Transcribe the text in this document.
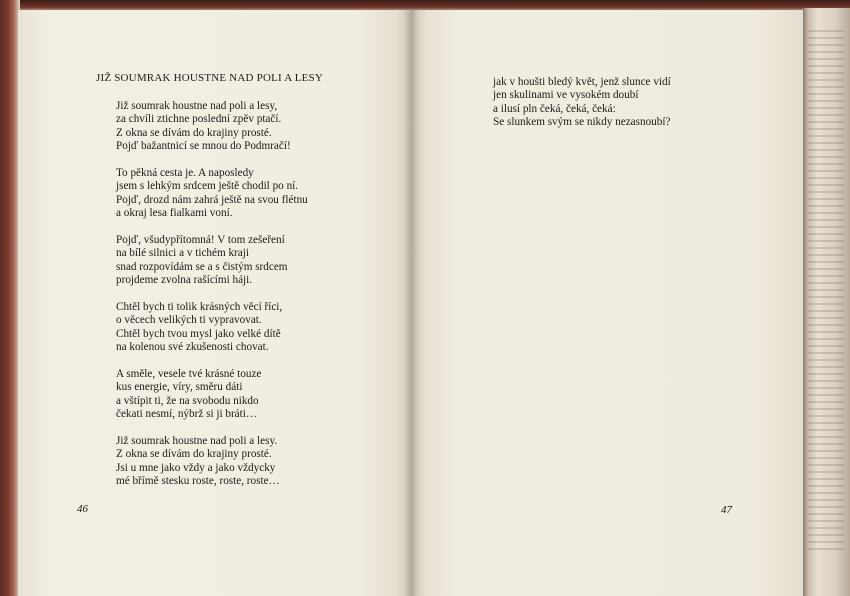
JIŽ SOUMRAK HOUSTNE NAD POLI A LESY
Již soumrak houstne nad poli a lesy,
za chvíli ztichne poslední zpěv ptačí.
Z okna se dívám do krajiny prosté.
Pojď bažantnicí se mnou do Podmračí!
To pěkná cesta je. A naposledy
jsem s lehkým srdcem ještě chodil po ní.
Pojď, drozd nám zahrá ještě na svou flétnu
a okraj lesa fialkami voní.
Pojď, všudypřítomná! V tom zešeření
na bílé silnici a v tichém kraji
snad rozpovídám se a s čistým srdcem
projdeme zvolna rašícími háji.
Chtěl bych ti tolik krásných věcí říci,
o věcech velikých ti vypravovat.
Chtěl bych tvou mysl jako velké dítě
na kolenou své zkušenosti chovat.
A směle, vesele tvé krásné touze
kus energie, víry, směru dáti
a vštípit ti, že na svobodu nikdo
čekati nesmí, nýbrž si ji bráti…
Již soumrak houstne nad poli a lesy.
Z okna se dívám do krajiny prosté.
Jsi u mne jako vždy a jako vždycky
mé břímě stesku roste, roste, roste…
jak v houšti bledý květ, jenž slunce vidí
jen skulinami ve vysokém doubí
a ilusí pln čeká, čeká, čeká:
Se slunkem svým se nikdy nezasnoubí?
46	47
